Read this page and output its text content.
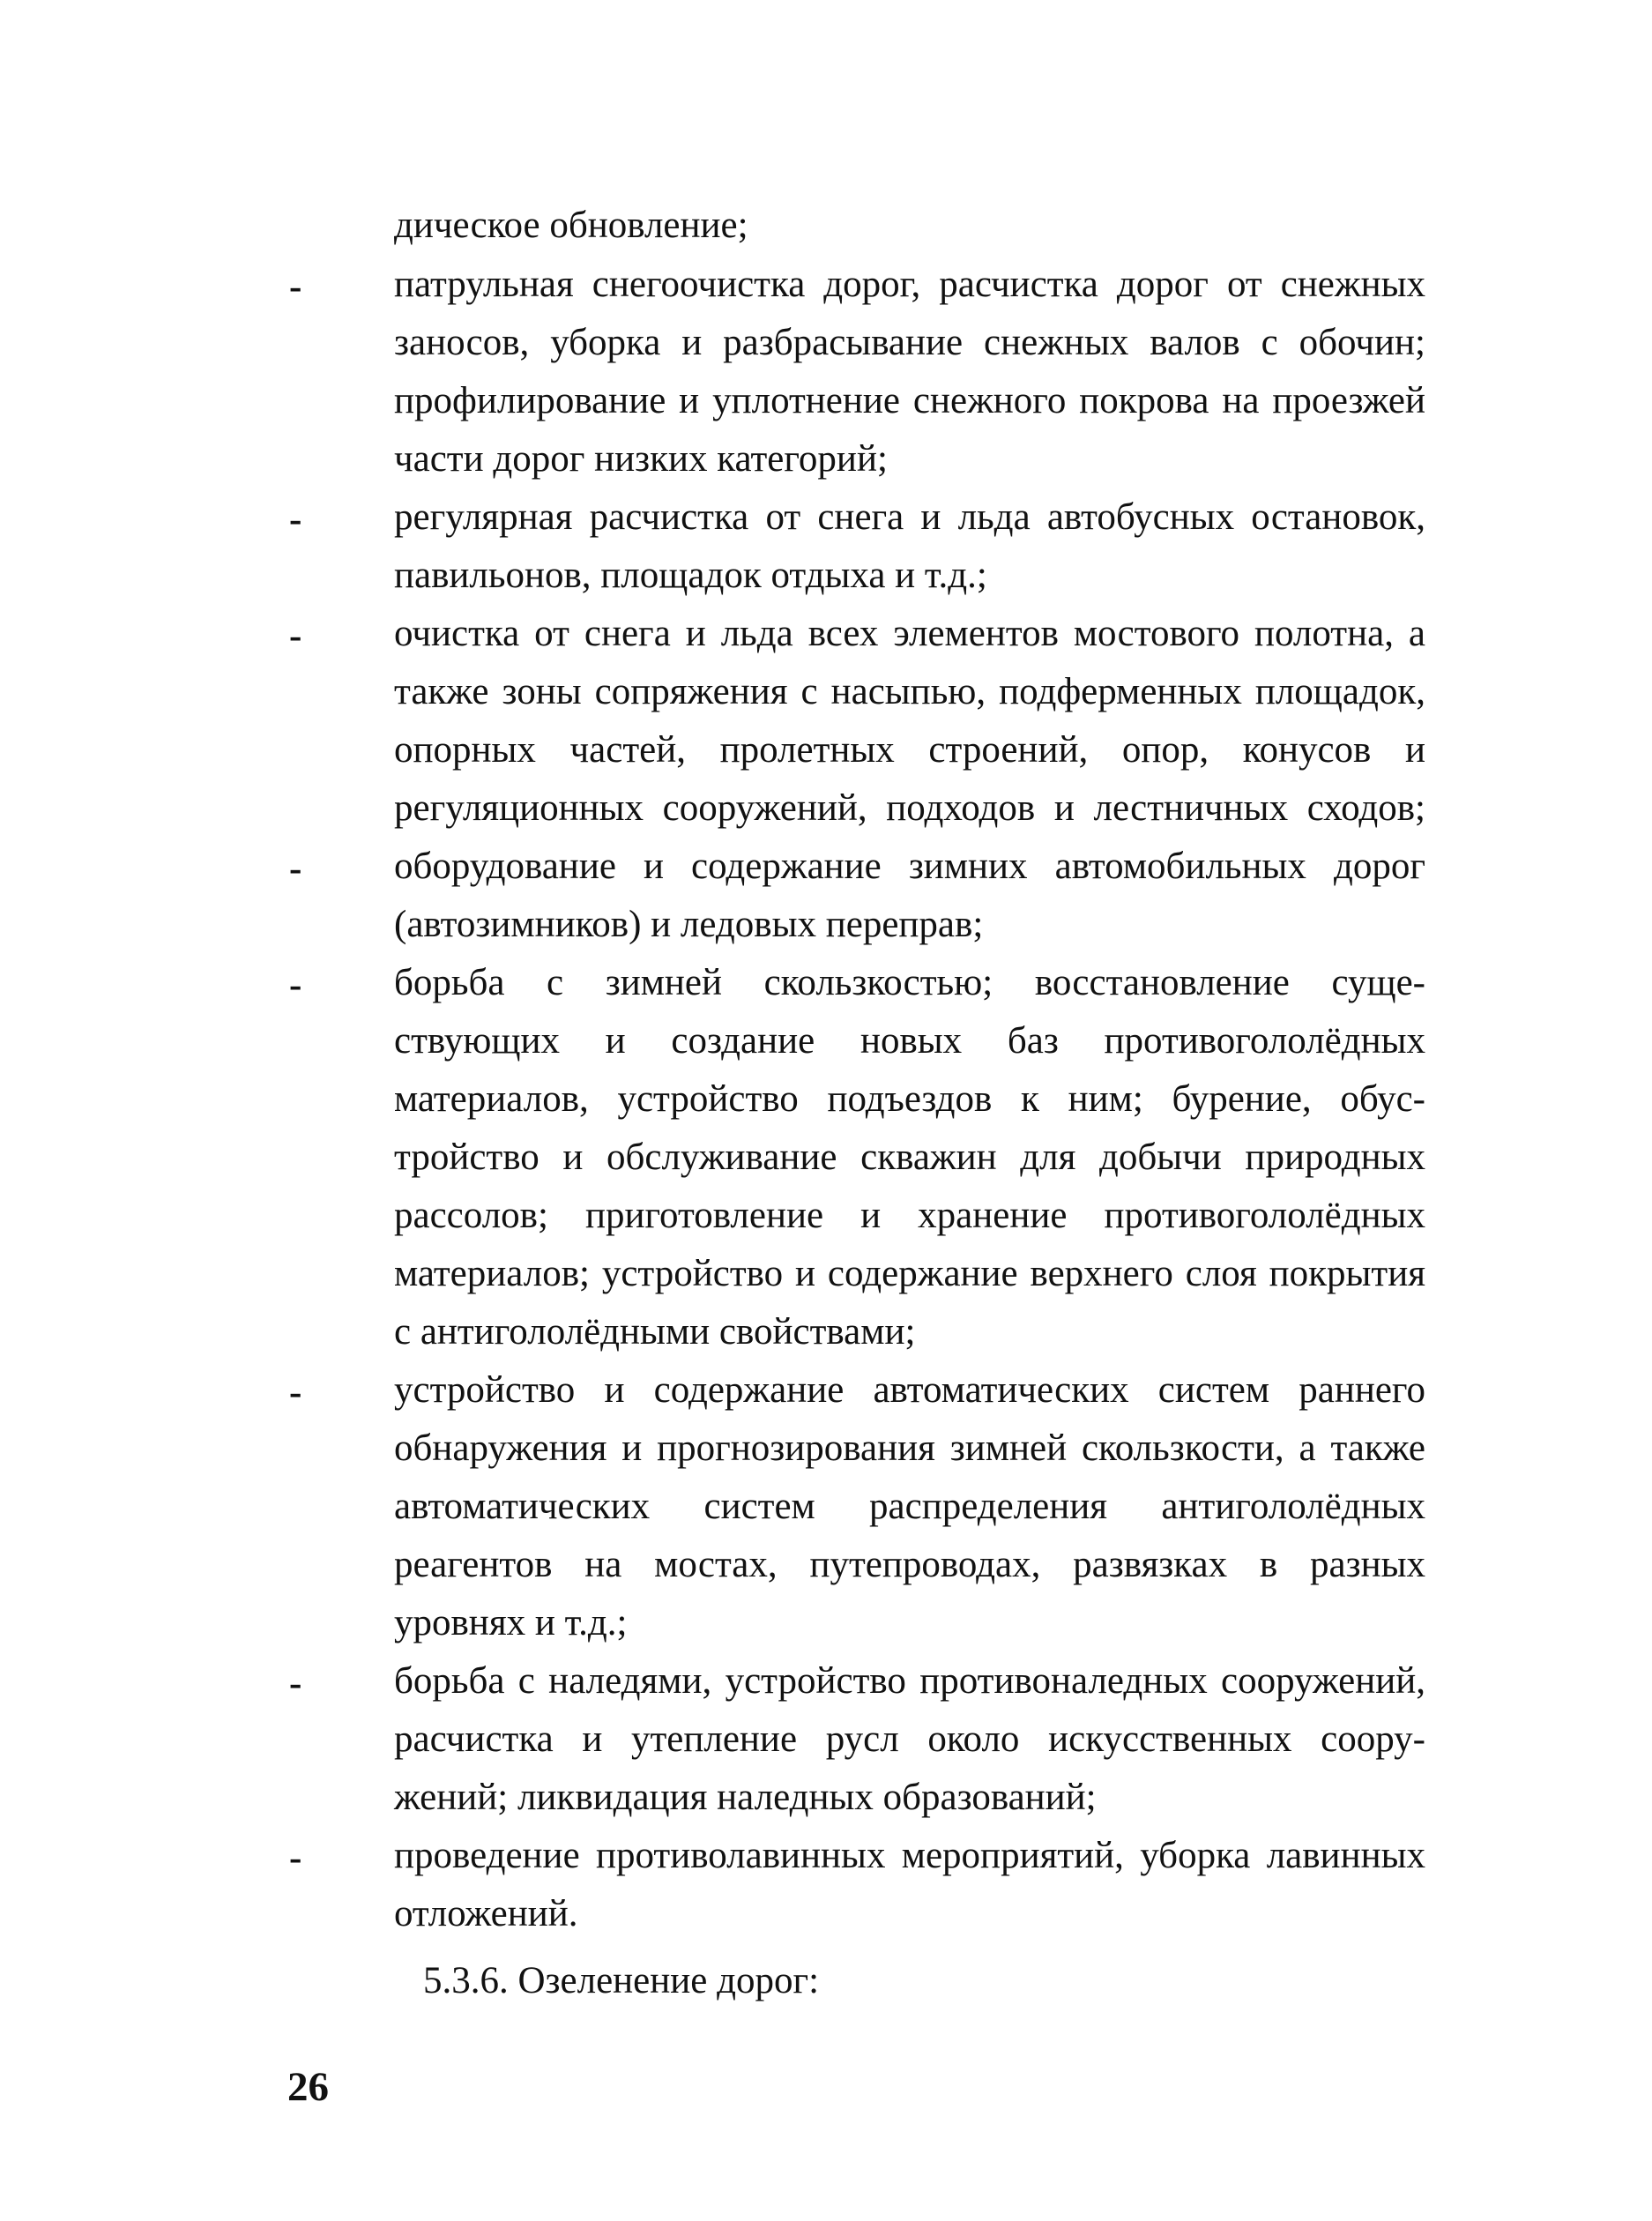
дическое обновление;
-	патрульная снегоочистка дорог, расчистка дорог от снежных
заносов, уборка и разбрасывание снежных валов с обочин;
профилирование и уплотнение снежного покрова на проезжей
части дорог низких категорий;
-	регулярная расчистка от снега и льда автобусных остановок,
павильонов, площадок отдыха и т.д.;
-	очистка от снега и льда всех элементов мостового полотна, а
также зоны сопряжения с насыпью, подферменных площадок,
опорных частей, пролетных строений, опор, конусов и
регуляционных сооружений, подходов и лестничных сходов;
-	оборудование и содержание зимних автомобильных дорог
(автозимников) и ледовых переправ;
-	борьба с зимней скользкостью; восстановление суще-
ствующих и создание новых баз противогололёдных
материалов, устройство подъездов к ним; бурение, обус-
тройство и обслуживание скважин для добычи природных
рассолов; приготовление и хранение противогололёдных
материалов; устройство и содержание верхнего слоя покрытия
с антигололёдными свойствами;
-	устройство и содержание автоматических систем раннего
обнаружения и прогнозирования зимней скользкости, а также
автоматических систем распределения антигололёдных
реагентов на мостах, путепроводах, развязках в разных
уровнях и т.д.;
-	борьба с наледями, устройство противоналедных сооружений,
расчистка и утепление русл около искусственных соору-
жений; ликвидация наледных образований;
-	проведение противолавинных мероприятий, уборка лавинных
отложений.
5.3.6. Озеленение дорог:
26
